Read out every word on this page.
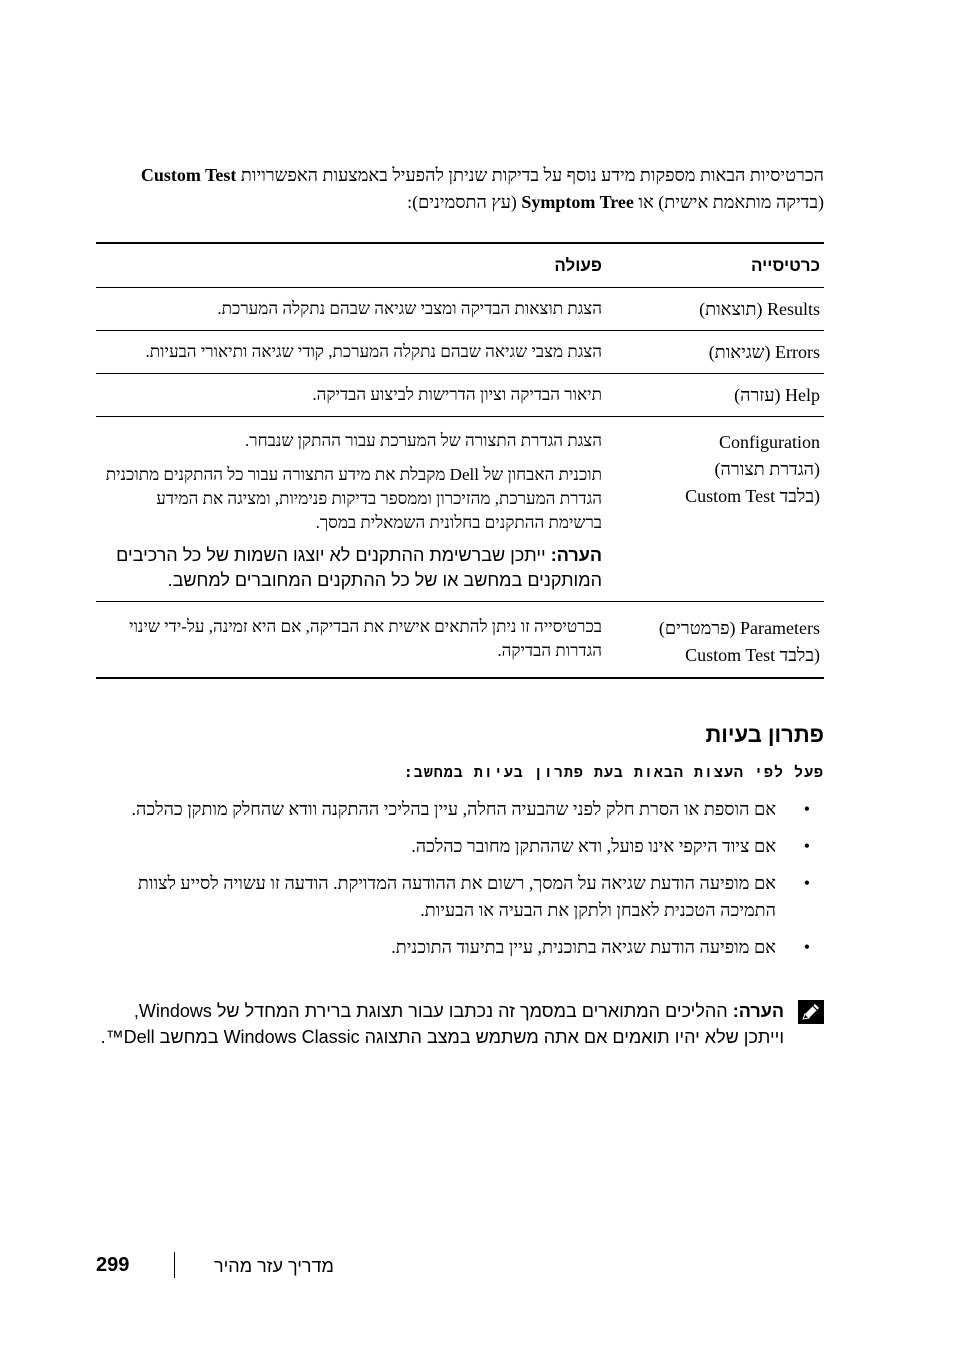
הכרטיסיות הבאות מספקות מידע נוסף על בדיקות שניתן להפעיל באמצעות האפשרויות Custom Test (בדיקה מותאמת אישית) או Symptom Tree (עץ התסמינים):
כרטיסייה
פעולה
Results (תוצאות)
הצגת תוצאות הבדיקה ומצבי שגיאה שבהם נתקלה המערכת.
Errors (שגיאות)
הצגת מצבי שגיאה שבהם נתקלה המערכת, קודי שגיאה ותיאורי הבעיות.
Help (עזרה)
תיאור הבדיקה וציון הדרישות לביצוע הבדיקה.
Configuration
(הגדרת תצורה)
(בלבד Custom Test

הצגת הגדרת התצורה של המערכת עבור ההתקן שנבחר.

תוכנית האבחון של Dell מקבלת את מידע התצורה עבור כל ההתקנים מתוכנית הגדרת המערכת, מהזיכרון וממספר בדיקות פנימיות, ומציגה את המידע ברשימת ההתקנים בחלונית השמאלית במסך.

הערה: ייתכן שברשימת ההתקנים לא יוצגו השמות של כל הרכיבים המותקנים במחשב או של כל ההתקנים המחוברים למחשב.
Parameters (פרמטרים)
(בלבד Custom Test

בכרטיסייה זו ניתן להתאים אישית את הבדיקה, אם היא זמינה, על-ידי שינוי הגדרות הבדיקה.

פתרון בעיות
פעל לפי העצות הבאות בעת פתרון בעיות במחשב:
•
אם הוספת או הסרת חלק לפני שהבעיה החלה, עיין בהליכי ההתקנה וודא שהחלק מותקן כהלכה.
•
אם ציוד היקפי אינו פועל, ודא שההתקן מחובר כהלכה.
•
אם מופיעה הודעת שגיאה על המסך, רשום את ההודעה המדויקת. הודעה זו עשויה לסייע לצוות התמיכה הטכנית לאבחן ולתקן את הבעיה או הבעיות.
•
אם מופיעה הודעת שגיאה בתוכנית, עיין בתיעוד התוכנית.
הערה: ההליכים המתוארים במסמך זה נכתבו עבור תצוגת ברירת המחדל של Windows, וייתכן שלא יהיו תואמים אם אתה משתמש במצב התצוגה Windows Classic במחשב Dell™.
299	מדריך עזר מהיר
